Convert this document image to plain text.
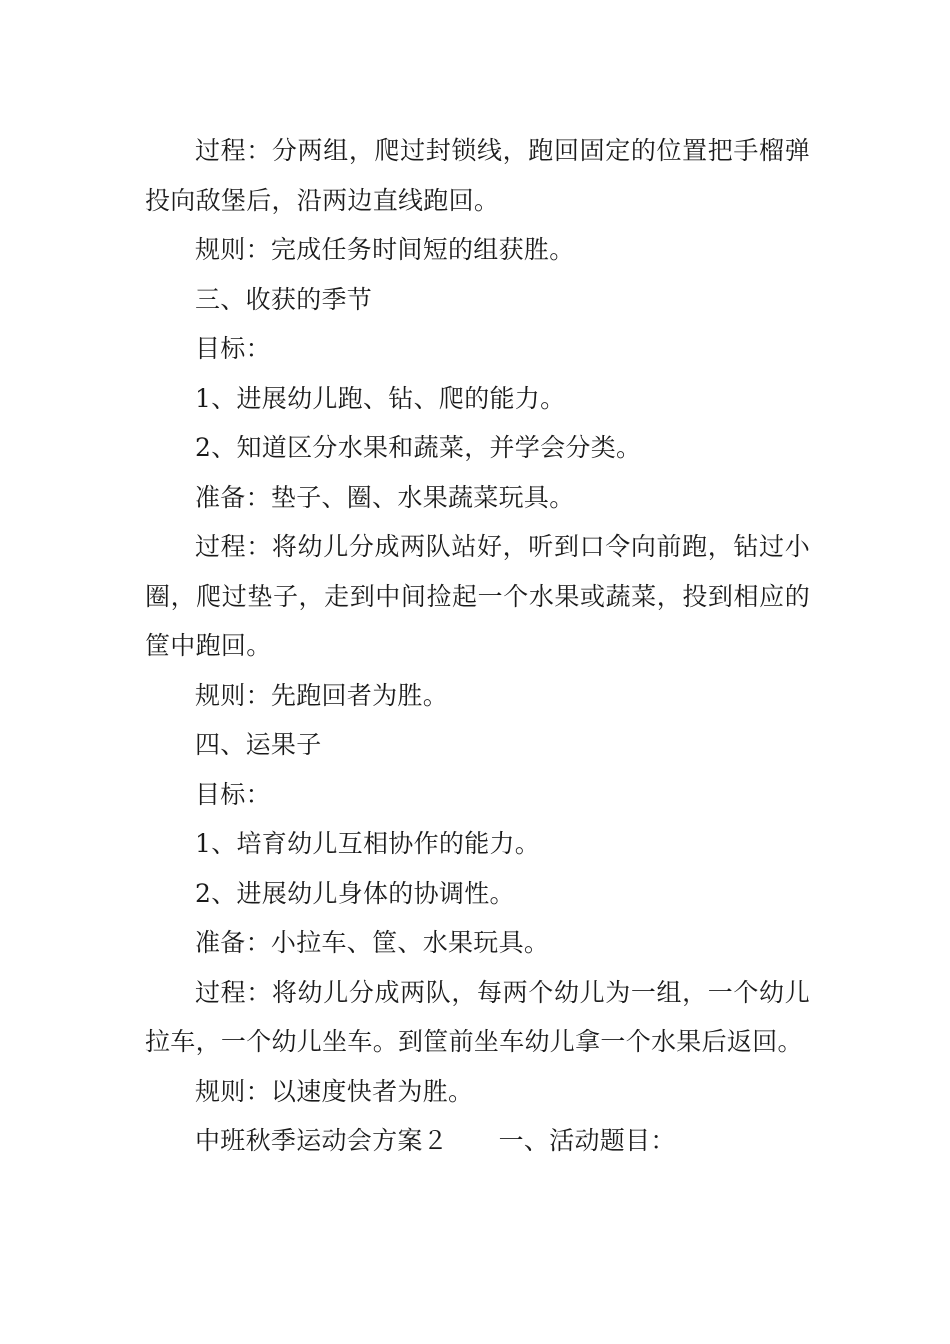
过程：分两组，爬过封锁线，跑回固定的位置把手榴弹投向敌堡后，沿两边直线跑回。

规则：完成任务时间短的组获胜。

三、收获的季节

目标：

1、进展幼儿跑、钻、爬的能力。

2、知道区分水果和蔬菜，并学会分类。

准备：垫子、圈、水果蔬菜玩具。

过程：将幼儿分成两队站好，听到口令向前跑，钻过小圈，爬过垫子，走到中间捡起一个水果或蔬菜，投到相应的筐中跑回。

规则：先跑回者为胜。

四、运果子

目标：

1、培育幼儿互相协作的能力。

2、进展幼儿身体的协调性。

准备：小拉车、筐、水果玩具。

过程：将幼儿分成两队，每两个幼儿为一组，一个幼儿拉车，一个幼儿坐车。到筐前坐车幼儿拿一个水果后返回。

规则：以速度快者为胜。

中班秋季运动会方案２　　一、活动题目：
